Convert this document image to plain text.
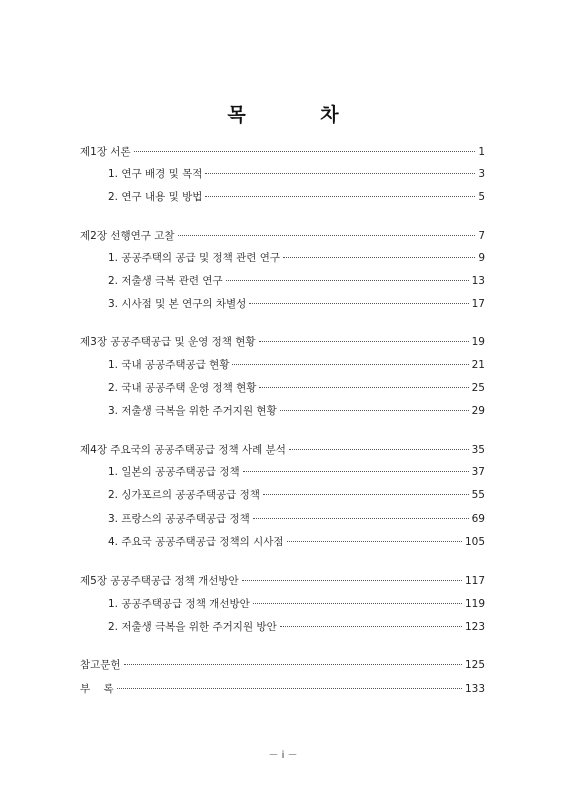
목 차
제1장 서론	1
1. 연구 배경 및 목적	3
2. 연구 내용 및 방법	5
제2장 선행연구 고찰	7
1. 공공주택의 공급 및 정책 관련 연구	9
2. 저출생 극복 관련 연구	13
3. 시사점 및 본 연구의 차별성	17
제3장 공공주택공급 및 운영 정책 현황	19
1. 국내 공공주택공급 현황	21
2. 국내 공공주택 운영 정책 현황	25
3. 저출생 극복을 위한 주거지원 현황	29
제4장 주요국의 공공주택공급 정책 사례 분석	35
1. 일본의 공공주택공급 정책	37
2. 싱가포르의 공공주택공급 정책	55
3. 프랑스의 공공주택공급 정책	69
4. 주요국 공공주택공급 정책의 시사점	105
제5장 공공주택공급 정책 개선방안	117
1. 공공주택공급 정책 개선방안	119
2. 저출생 극복을 위한 주거지원 방안	123
참고문헌	125
부    록	133
－ i －
